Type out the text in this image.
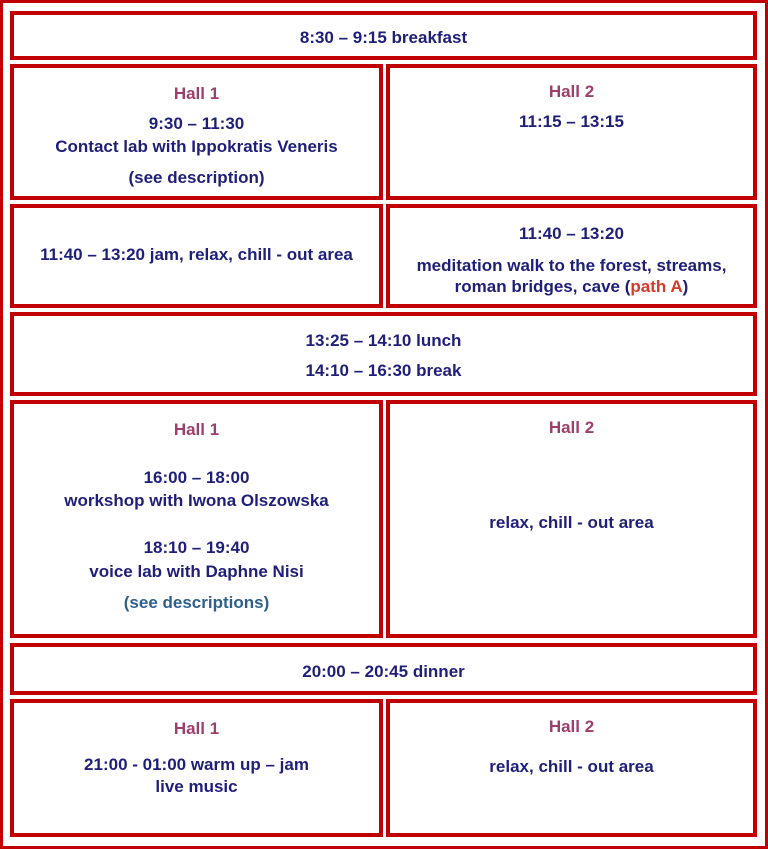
8:30 – 9:15 breakfast
Hall 1
9:30 – 11:30
Contact lab with Ippokratis Veneris
(see description)
Hall 2
11:15 – 13:15
11:40 – 13:20 jam, relax, chill - out area
11:40 – 13:20
meditation walk to the forest, streams,
roman bridges, cave (path A)
13:25 – 14:10 lunch
14:10 – 16:30 break
Hall 1
16:00 – 18:00
workshop with Iwona Olszowska
18:10 – 19:40
voice lab with Daphne Nisi
(see descriptions)
Hall 2
relax, chill - out area
20:00 – 20:45 dinner
Hall 1
21:00 - 01:00 warm up – jam
live music
Hall 2
relax, chill - out area
